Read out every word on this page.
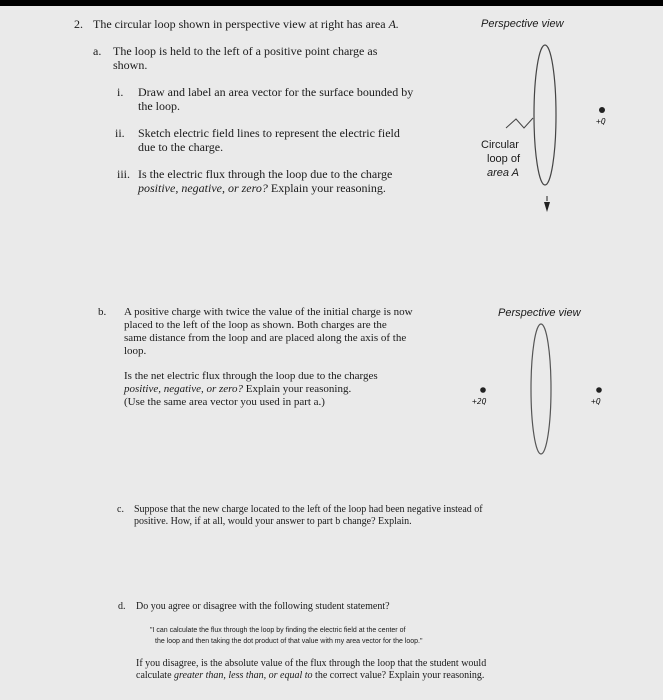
2. The circular loop shown in perspective view at right has area A.	Perspective view
a. The loop is held to the left of a positive point charge as
shown.
i. Draw and label an area vector for the surface bounded by
the loop.
ii. Sketch electric field lines to represent the electric field
due to the charge.
iii. Is the electric flux through the loop due to the charge
positive, negative, or zero? Explain your reasoning.
+Q
Circular
loop of
area A
b. A positive charge with twice the value of the initial charge is now
placed to the left of the loop as shown. Both charges are the
same distance from the loop and are placed along the axis of the
loop.
Is the net electric flux through the loop due to the charges
positive, negative, or zero? Explain your reasoning.
(Use the same area vector you used in part a.)
Perspective view
+2Q	+Q
c. Suppose that the new charge located to the left of the loop had been negative instead of
positive. How, if at all, would your answer to part b change? Explain.
d. Do you agree or disagree with the following student statement?
"I can calculate the flux through the loop by finding the electric field at the center of
the loop and then taking the dot product of that value with my area vector for the loop."
If you disagree, is the absolute value of the flux through the loop that the student would
calculate greater than, less than, or equal to the correct value? Explain your reasoning.
